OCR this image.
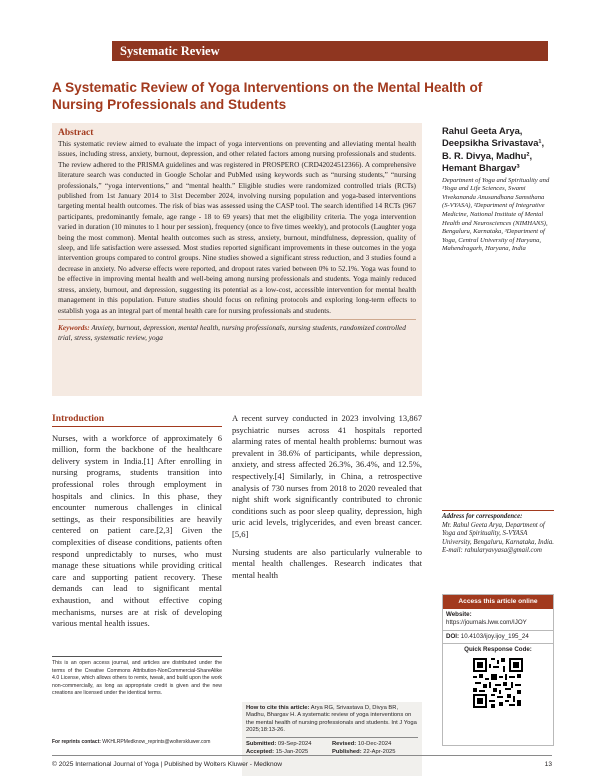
Systematic Review
A Systematic Review of Yoga Interventions on the Mental Health of Nursing Professionals and Students
Abstract
This systematic review aimed to evaluate the impact of yoga interventions on preventing and alleviating mental health issues, including stress, anxiety, burnout, depression, and other related factors among nursing professionals and students. The review adhered to the PRISMA guidelines and was registered in PROSPERO (CRD42024512366). A comprehensive literature search was conducted in Google Scholar and PubMed using keywords such as “nursing students,” “nursing professionals,” “yoga interventions,” and “mental health.” Eligible studies were randomized controlled trials (RCTs) published from 1st January 2014 to 31st December 2024, involving nursing population and yoga-based interventions targeting mental health outcomes. The risk of bias was assessed using the CASP tool. The search identified 14 RCTs (967 participants, predominantly female, age range - 18 to 69 years) that met the eligibility criteria. The yoga intervention varied in duration (10 minutes to 1 hour per session), frequency (once to five times weekly), and protocols (Laughter yoga being the most common). Mental health outcomes such as stress, anxiety, burnout, mindfulness, depression, quality of sleep, and life satisfaction were assessed. Most studies reported significant improvements in these outcomes in the yoga intervention groups compared to control groups. Nine studies showed a significant stress reduction, and 3 studies found a decrease in anxiety. No adverse effects were reported, and dropout rates varied between 0% to 52.1%. Yoga was found to be effective in improving mental health and well-being among nursing professionals and students. Yoga mainly reduced stress, anxiety, burnout, and depression, suggesting its potential as a low-cost, accessible intervention for mental health management in this population. Future studies should focus on refining protocols and exploring long-term effects to establish yoga as an integral part of mental health care for nursing professionals and students.
Keywords: Anxiety, burnout, depression, mental health, nursing professionals, nursing students, randomized controlled trial, stress, systematic review, yoga
Rahul Geeta Arya, Deepsikha Srivastava¹, B. R. Divya, Madhu², Hemant Bhargav³
Department of Yoga and Spirituality and ¹Yoga and Life Sciences, Swami Vivekananda Anusandhana Samsthana (S-VYASA), ²Department of Integrative Medicine, National Institute of Mental Health and Neurosciences (NIMHANS), Bengaluru, Karnataka, ³Department of Yoga, Central University of Haryana, Mahendragarh, Haryana, India
Introduction

Nurses, with a workforce of approximately 6 million, form the backbone of the healthcare delivery system in India.[1] After enrolling in nursing programs, students transition into professional roles through employment in hospitals and clinics. In this phase, they encounter numerous challenges in clinical settings, as their responsibilities are heavily centered on patient care.[2,3] Given the complexities of disease conditions, patients often respond unpredictably to nurses, who must manage these situations while providing critical care and supporting patient recovery. These demands can lead to significant mental exhaustion, and without effective coping mechanisms, nurses are at risk of developing various mental health issues.

A recent survey conducted in 2023 involving 13,867 psychiatric nurses across 41 hospitals reported alarming rates of mental health problems: burnout was prevalent in 38.6% of participants, while depression, anxiety, and stress affected 26.3%, 36.4%, and 12.5%, respectively.[4] Similarly, in China, a retrospective analysis of 730 nurses from 2018 to 2020 revealed that night shift work significantly contributed to chronic conditions such as poor sleep quality, depression, high uric acid levels, triglycerides, and even breast cancer.[5,6]

Nursing students are also particularly vulnerable to mental health challenges. Research indicates that mental health

This is an open access journal, and articles are distributed under the terms of the Creative Commons Attribution-NonCommercial-ShareAlike 4.0 License, which allows others to remix, tweak, and build upon the work non-commercially, as long as appropriate credit is given and the new creations are licensed under the identical terms.
For reprints contact: WKHLRPMedknow_reprints@wolterskluwer.com
How to cite this article: Arya RG, Srivastava D, Divya BR, Madhu, Bhargav H. A systematic review of yoga interventions on the mental health of nursing professionals and students. Int J Yoga 2025;18:13-26.
Submitted: 09-Sep-2024	Revised: 10-Dec-2024
Accepted: 15-Jan-2025	Published: 22-Apr-2025
Address for correspondence:
Mr. Rahul Geeta Arya, Department of Yoga and Spirituality, S-VYASA University, Bengaluru, Karnataka, India. E-mail: rahularyavyasa@gmail.com
Access this article online
Website: https://journals.lww.com/IJOY
DOI: 10.4103/ijoy.ijoy_195_24
Quick Response Code:
© 2025 International Journal of Yoga | Published by Wolters Kluwer - Medknow	13
